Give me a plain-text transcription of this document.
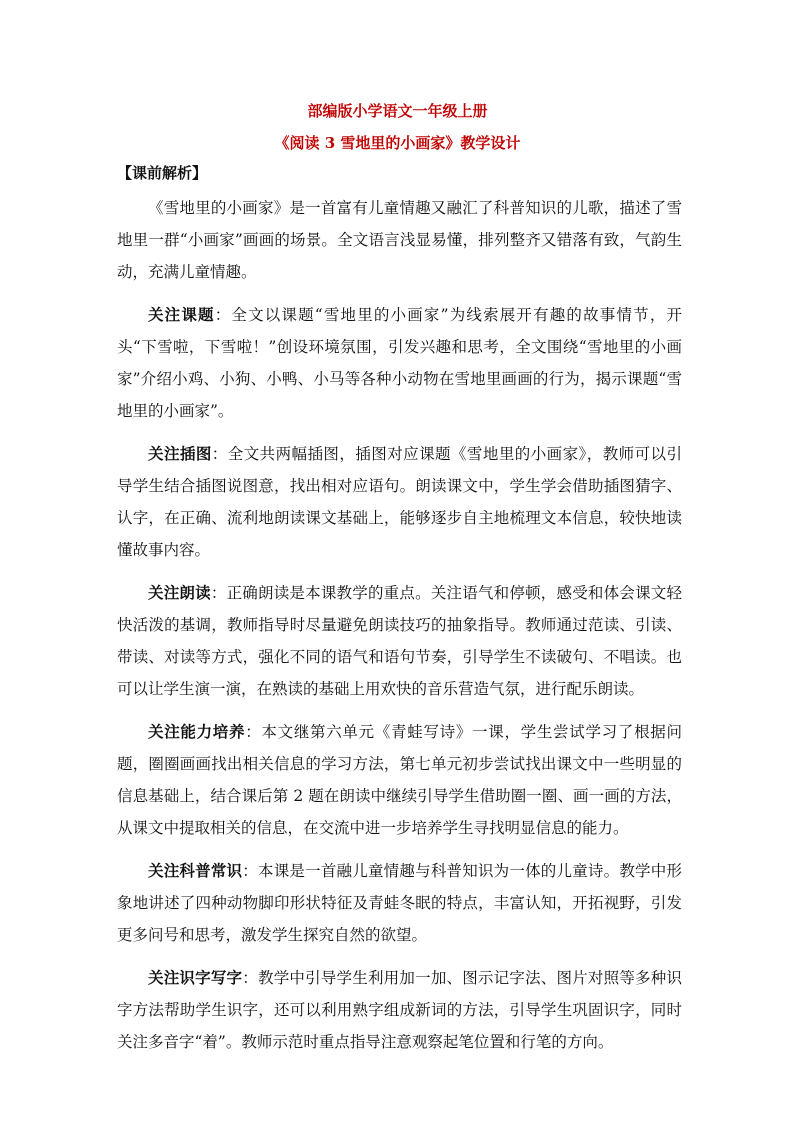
部编版小学语文一年级上册
《阅读 3 雪地里的小画家》教学设计
【课前解析】

《雪地里的小画家》是一首富有儿童情趣又融汇了科普知识的儿歌，描述了雪地里一群“小画家”画画的场景。全文语言浅显易懂，排列整齐又错落有致，气韵生动，充满儿童情趣。

关注课题：全文以课题“雪地里的小画家”为线索展开有趣的故事情节，开头“下雪啦，下雪啦！”创设环境氛围，引发兴趣和思考，全文围绕“雪地里的小画家”介绍小鸡、小狗、小鸭、小马等各种小动物在雪地里画画的行为，揭示课题“雪地里的小画家”。

关注插图：全文共两幅插图，插图对应课题《雪地里的小画家》，教师可以引导学生结合插图说图意，找出相对应语句。朗读课文中，学生学会借助插图猜字、认字，在正确、流利地朗读课文基础上，能够逐步自主地梳理文本信息，较快地读懂故事内容。

关注朗读：正确朗读是本课教学的重点。关注语气和停顿，感受和体会课文轻快活泼的基调，教师指导时尽量避免朗读技巧的抽象指导。教师通过范读、引读、带读、对读等方式，强化不同的语气和语句节奏，引导学生不读破句、不唱读。也可以让学生演一演，在熟读的基础上用欢快的音乐营造气氛，进行配乐朗读。

关注能力培养：本文继第六单元《青蛙写诗》一课，学生尝试学习了根据问题，圈圈画画找出相关信息的学习方法，第七单元初步尝试找出课文中一些明显的信息基础上，结合课后第 2 题在朗读中继续引导学生借助圈一圈、画一画的方法，从课文中提取相关的信息，在交流中进一步培养学生寻找明显信息的能力。

关注科普常识：本课是一首融儿童情趣与科普知识为一体的儿童诗。教学中形象地讲述了四种动物脚印形状特征及青蛙冬眠的特点，丰富认知，开拓视野，引发更多问号和思考，激发学生探究自然的欲望。

关注识字写字：教学中引导学生利用加一加、图示记字法、图片对照等多种识字方法帮助学生识字，还可以利用熟字组成新词的方法，引导学生巩固识字，同时关注多音字“着”。教师示范时重点指导注意观察起笔位置和行笔的方向。
